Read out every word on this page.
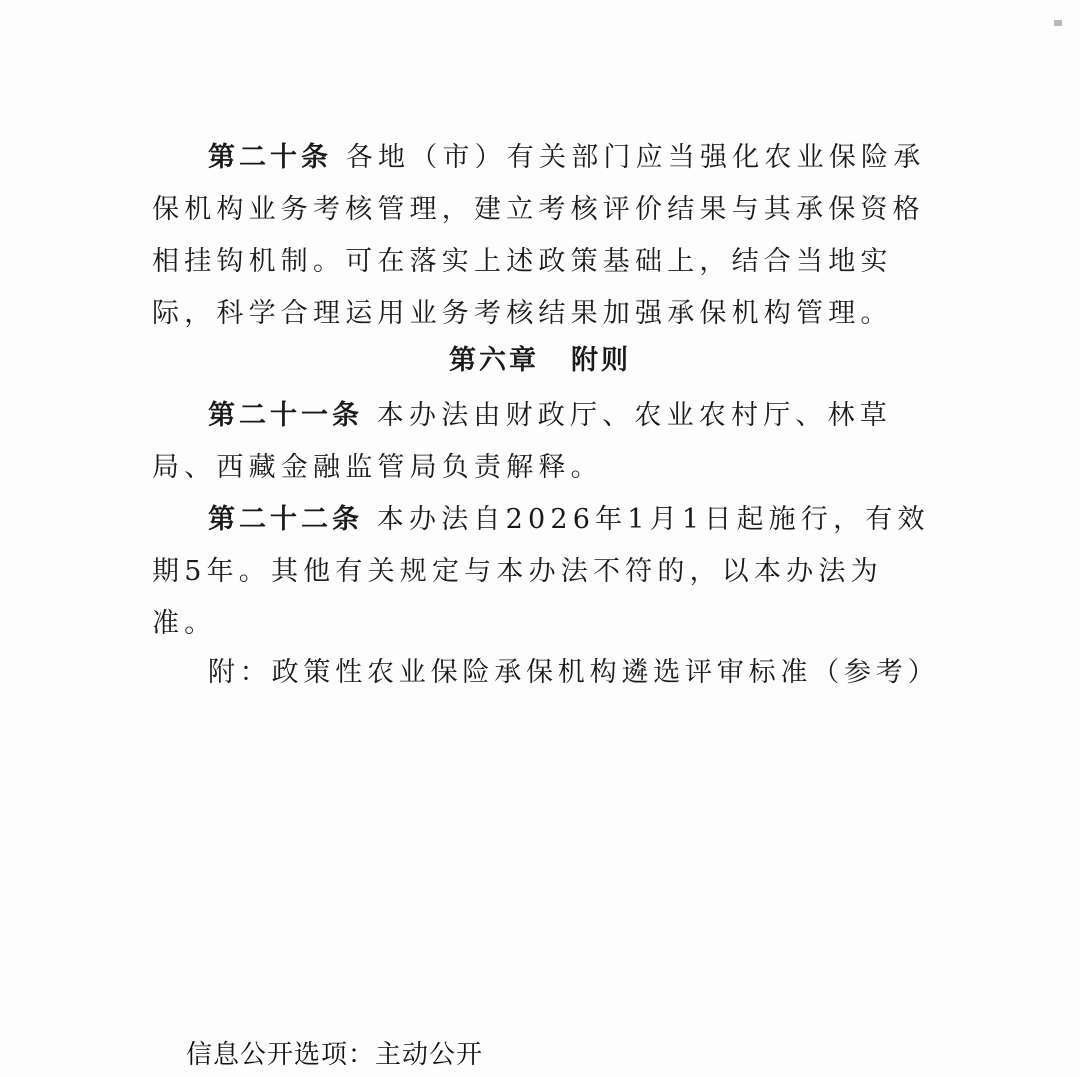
第二十条 各地（市）有关部门应当强化农业保险承保机构业务考核管理，建立考核评价结果与其承保资格相挂钩机制。可在落实上述政策基础上，结合当地实际，科学合理运用业务考核结果加强承保机构管理。

第六章 附则

第二十一条 本办法由财政厅、农业农村厅、林草局、西藏金融监管局负责解释。

第二十二条 本办法自2026年1月1日起施行，有效期5年。其他有关规定与本办法不符的，以本办法为准。

附：政策性农业保险承保机构遴选评审标准（参考）
信息公开选项：主动公开
